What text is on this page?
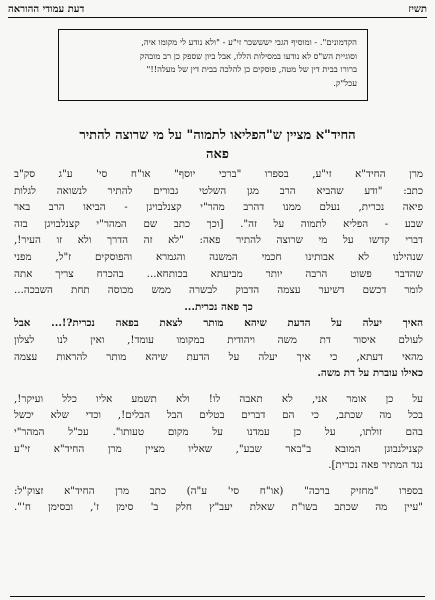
תשיז
דעת עמודי ההוראה

הקדמונים". - ומוסיף הגבי ישששכר זי"ע - "ולא נודע לי מקומו איה,

וסוגיית הש"ס לא נודעו במסילות הללו, אבל ביון שספק כן רב מובהק

ברורו בבית דין של מטה, פוסקים כן להלכה בבית דין של מעלה!!"

עכל"ק.

החיד"א מציין ש"הפליאו לתמוה" על מי שרוצה להתיר
פאה
מרן החיד"א זי"ע, בספרו "ברכי יוסף" או"ח סי' ע"ג סק"ב
כתב: "ודע שהביא הרב מגן השלטי גבורים להתיר לנשואה לגלות
פיאה נכרית, נעלם ממנו דהרב מהר"י קצנלבויגן - הביאו הרב באר
שבע - הפליא לתמוה על זה". [וכך כתב שם המהר"י קצנלבויגן בזה
דברי קדשו על מי שרוצה להתיר פאה: "לא זה הדרך ולא זו העיר!,
שנהילנו לא אבותינו חכמי המשנה והגמרא והפוסקים ז"ל, מפני
שהדבר פשוט הרבה יותר מביעתא בכותחא... בהכרח צריך אתה
לומר דכשם דשיער עצמה הדבוק לבשרה ממש מכוסה תחת השבכה...
כך פאה נכרית...
האיך יעלה על הדעת שיהא מותר לצאת בפאה נכרית?!... אבל
לעולם איסור דת משה ויהודית במקומו עומד!, ואין לנו לצלון
מהאי דעתא, כי איך יעלה על הדעת שיהא מותר להראות עצמה
כאילו עוברת על דת משה.
על כן אומר אני, לא תאבה לו! ולא תשמע אליו כלל ועיקר!,
בכל מה שכתב, כי הם דברים בטלים הבל הבלים!, וכדי שלא יכשל
בהם זולתו, על כן עמדנו על מקום טעותו". עכ"ל המהר"י
קצנילנבוגן המובא ב"באר שבע", שאליו מציין מרן החיד"א זי"ע
נגד המתיר פאה נכרית].
בספרו "מחזיק ברכה" (או"ח סי' ע"ה) כתב מרן החיד"א זצוק"ל:
"עיין מה שכתב בשו"ת שאלת יעב"ץ חלק ב' סימן ז', ובסימן ח'".
